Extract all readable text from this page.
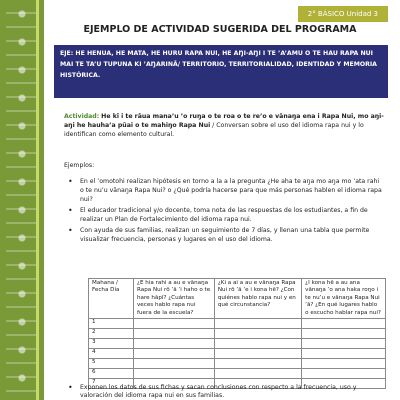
2° BÁSICO Unidad 3
EJEMPLO DE ACTIVIDAD SUGERIDA DEL PROGRAMA
EJE: HE HENUA, HE MATA, HE HURU RAPA NUI, HE AŊI-AŊI I TE ’A’AMU O TE HAU RAPA NUI MAI TE TA’U TUPUNA KI ’AŊARINĀ/ TERRITORIO, TERRITORIALIDAD, IDENTIDAD Y MEMORIA HISTÓRICA.
Actividad: He kī i te rāua mana’u ’o ruŋa o te roa o te re’o e vānaŋa ena i Rapa Nui, mo aŋi-aŋi he hauha’a pūai o te mahiŋo Rapa Nui / Conversan sobre el uso del idioma rapa nui y lo identifican como elemento cultural.
Ejemplos:
• En el ’omotohi realizan hipótesis en torno a la a la pregunta ¿He aha te aŋa mo aŋa mo ’ata rahi o te nu’u vānaŋa Rapa Nui? o ¿Qué podría hacerse para que más personas hablen el idioma rapa nui?
• El educador tradicional y/o docente, toma nota de las respuestas de los estudiantes, a fin de realizar un Plan de Fortalecimiento del idioma rapa nui.
• Con ayuda de sus familias, realizan un seguimiento de 7 días, y llenan una tabla que permite visualizar frecuencia, personas y lugares en el uso del idioma.
Mahana / Fecha Día	¿E hia rahi a au e vānaŋa Rapa Nui rō ’ā ’i haho o te hare hāpī? ¿Cuántas veces hablo rapa nui fuera de la escuela?	¿Ki a ai a au e vānaŋa Rapa Nui rō ’ā ’e i kona hē? ¿Con quiénes hablo rapa nui y en qué circunstancia?	¿I kona hē a au ana vānaŋa ’o ana haka roŋo i te nu’u e vānaŋa Rapa Nui ’ā? ¿En qué lugares hablo o escucho hablar rapa nui?
1			
2			
3			
4			
5			
6			
7			
• Exponen los datos de sus fichas y sacan conclusiones con respecto a la frecuencia, uso y valoración del idioma rapa nui en sus familias.
